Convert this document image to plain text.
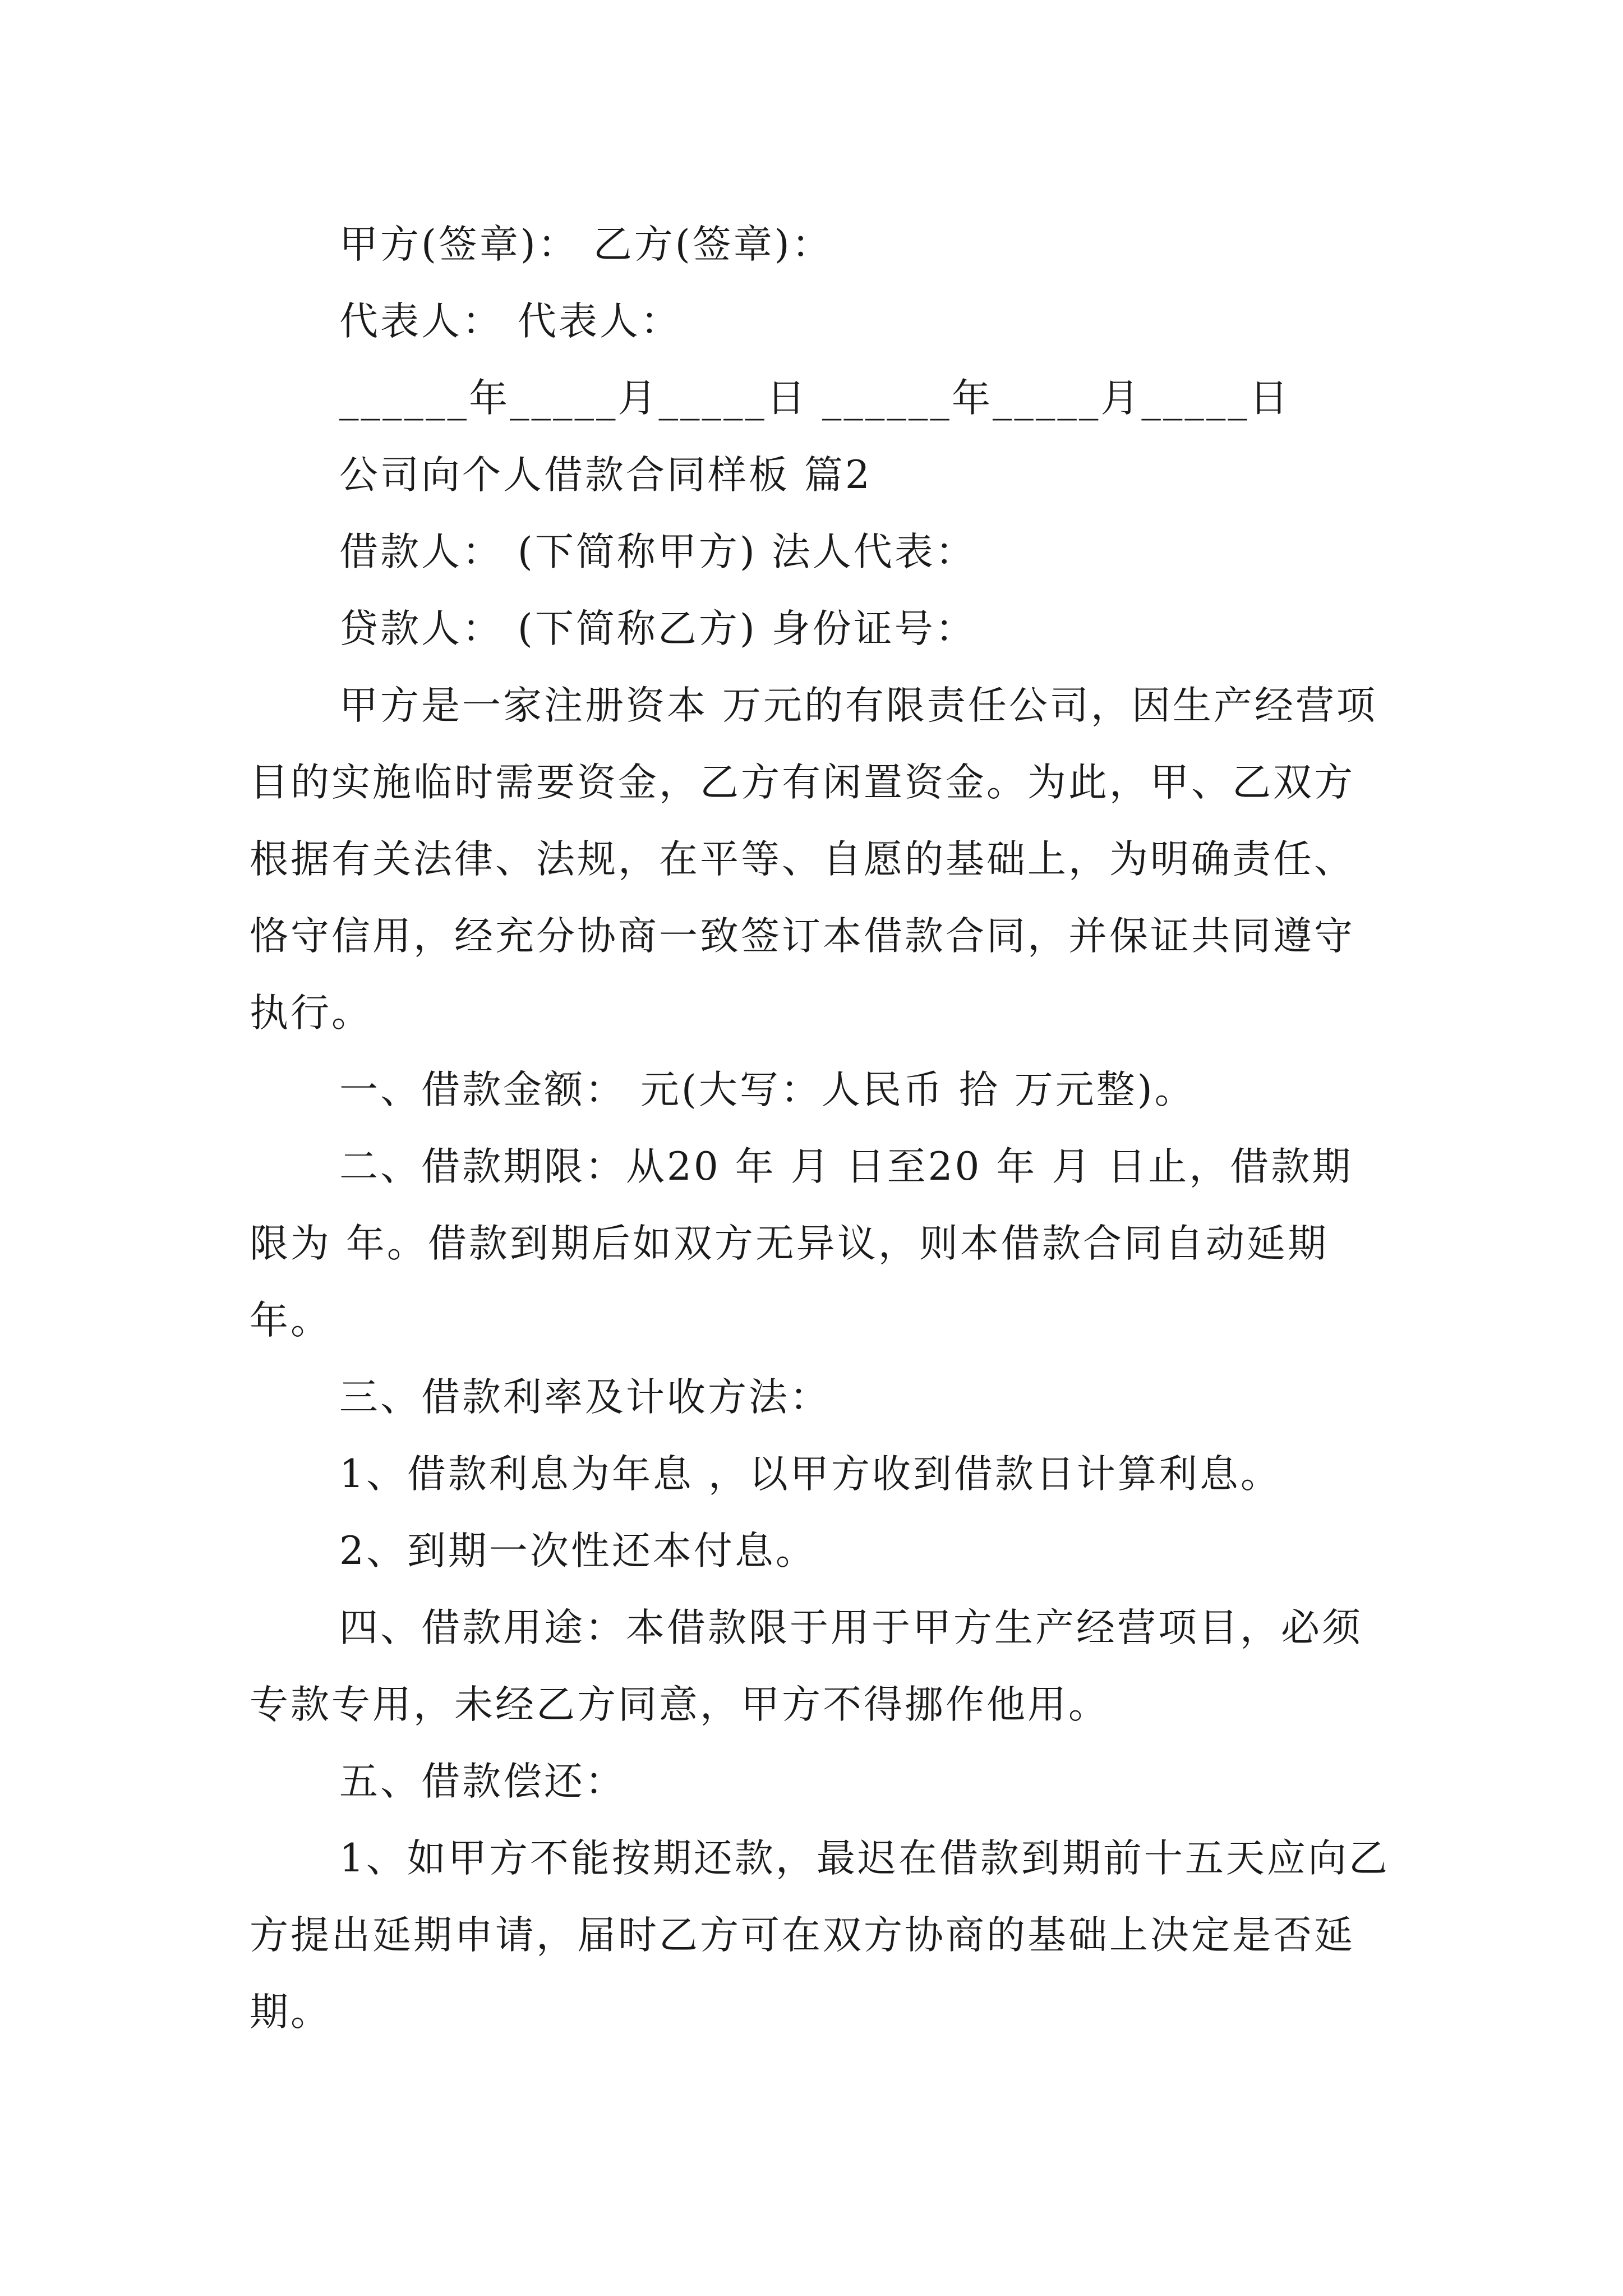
甲方(签章)： 乙方(签章)：
代表人： 代表人：
______年_____月_____日 ______年_____月_____日
公司向个人借款合同样板 篇2
借款人： (下简称甲方) 法人代表：
贷款人： (下简称乙方) 身份证号：
甲方是一家注册资本 万元的有限责任公司，因生产经营项目的实施临时需要资金，乙方有闲置资金。为此，甲、乙双方根据有关法律、法规，在平等、自愿的基础上，为明确责任、恪守信用，经充分协商一致签订本借款合同，并保证共同遵守执行。
一、借款金额： 元(大写：人民币 拾 万元整)。
二、借款期限：从20 年 月 日至20 年 月 日止，借款期限为 年。借款到期后如双方无异议，则本借款合同自动延期 年。
三、借款利率及计收方法：
1、借款利息为年息 ，以甲方收到借款日计算利息。
2、到期一次性还本付息。
四、借款用途：本借款限于用于甲方生产经营项目，必须专款专用，未经乙方同意，甲方不得挪作他用。
五、借款偿还：
1、如甲方不能按期还款，最迟在借款到期前十五天应向乙方提出延期申请，届时乙方可在双方协商的基础上决定是否延期。
